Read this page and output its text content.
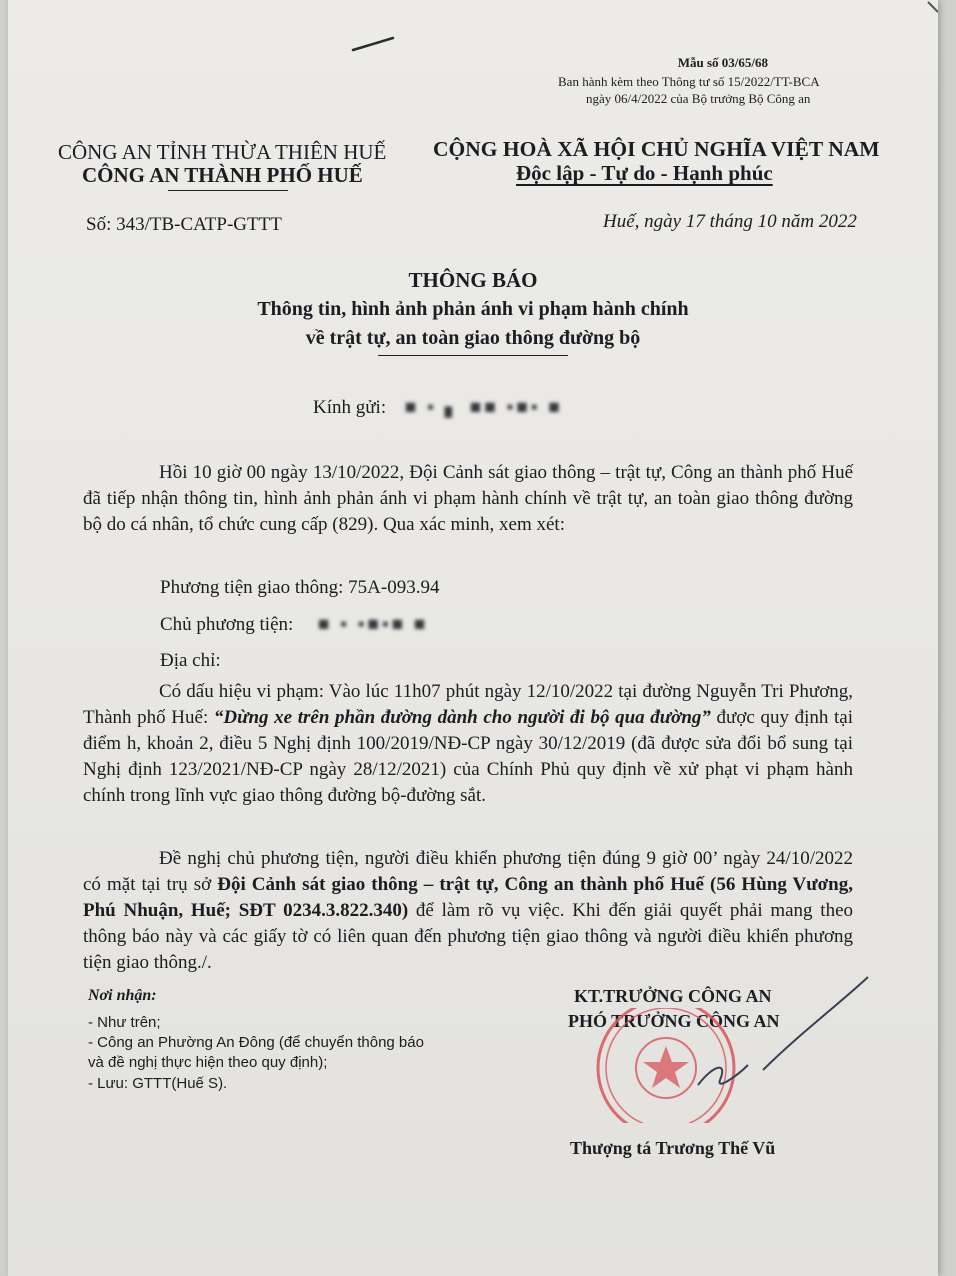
Mẫu số 03/65/68
Ban hành kèm theo Thông tư số 15/2022/TT-BCA
ngày 06/4/2022 của Bộ trưởng Bộ Công an
CÔNG AN TỈNH THỪA THIÊN HUẾ
CÔNG AN THÀNH PHỐ HUẾ
CỘNG HOÀ XÃ HỘI CHỦ NGHĨA VIỆT NAM
Độc lập - Tự do - Hạnh phúc
Số: 343/TB-CATP-GTTT	Huế, ngày 17 tháng 10 năm 2022
THÔNG BÁO
Thông tin, hình ảnh phản ánh vi phạm hành chính
về trật tự, an toàn giao thông đường bộ
Kính gửi: ■ ▪ ▖ ■■ ▪■▪ ■
Hồi 10 giờ 00 ngày 13/10/2022, Đội Cảnh sát giao thông – trật tự, Công an thành phố Huế đã tiếp nhận thông tin, hình ảnh phản ánh vi phạm hành chính về trật tự, an toàn giao thông đường bộ do cá nhân, tổ chức cung cấp (829). Qua xác minh, xem xét:
Phương tiện giao thông: 75A-093.94
Chủ phương tiện: ■ ▪ ▪■▪■ ■
Địa chỉ:
Có dấu hiệu vi phạm: Vào lúc 11h07 phút ngày 12/10/2022 tại đường Nguyễn Tri Phương, Thành phố Huế: “Dừng xe trên phần đường dành cho người đi bộ qua đường” được quy định tại điểm h, khoản 2, điều 5 Nghị định 100/2019/NĐ-CP ngày 30/12/2019 (đã được sửa đổi bổ sung tại Nghị định 123/2021/NĐ-CP ngày 28/12/2021) của Chính Phủ quy định về xử phạt vi phạm hành chính trong lĩnh vực giao thông đường bộ-đường sắt.
Đề nghị chủ phương tiện, người điều khiển phương tiện đúng 9 giờ 00’ ngày 24/10/2022 có mặt tại trụ sở Đội Cảnh sát giao thông – trật tự, Công an thành phố Huế (56 Hùng Vương, Phú Nhuận, Huế; SĐT 0234.3.822.340) để làm rõ vụ việc. Khi đến giải quyết phải mang theo thông báo này và các giấy tờ có liên quan đến phương tiện giao thông và người điều khiển phương tiện giao thông./.
Nơi nhận:
- Như trên;
- Công an Phường An Đông (để chuyển thông báo
và đề nghị thực hiện theo quy định);
- Lưu: GTTT(Huế S).
KT.TRƯỞNG CÔNG AN
PHÓ TRƯỞNG CÔNG AN
Thượng tá Trương Thế Vũ
